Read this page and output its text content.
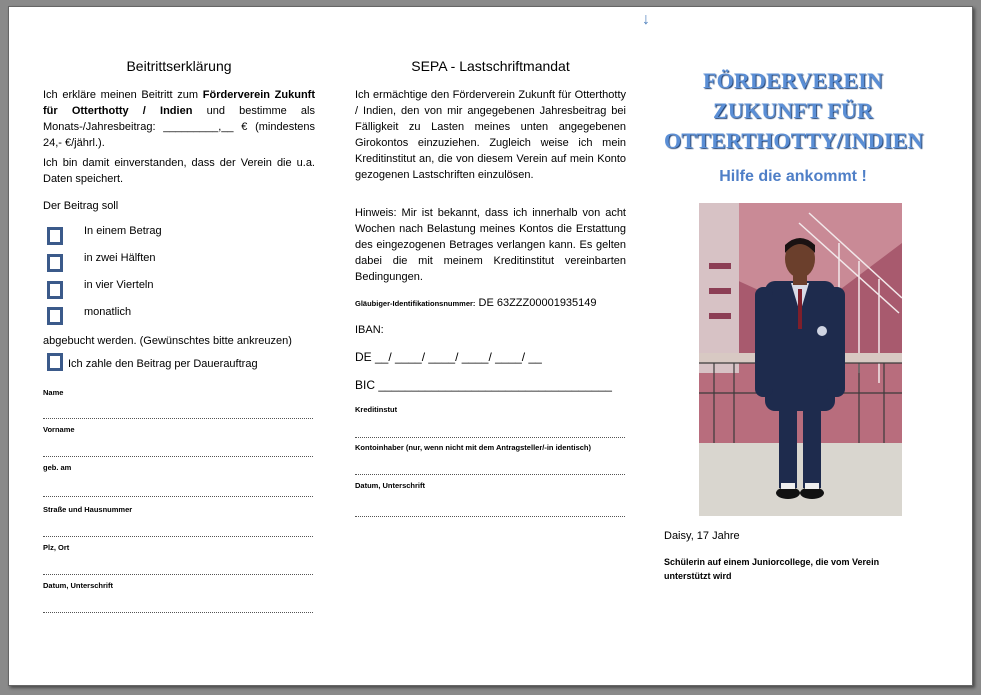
↓
Beitrittserklärung

Ich erkläre meinen Beitritt zum Förderverein Zukunft für Otterthotty / Indien und bestimme als Monats-/Jahresbeitrag: _________,__ € (mindestens 24,- €/jährl.).

Ich bin damit einverstanden, dass der Verein die u.a. Daten speichert.

Der Beitrag soll

In einem Betrag
in zwei Hälften
in vier Vierteln
monatlich

abgebucht werden. (Gewünschtes bitte ankreuzen)

Ich zahle den Beitrag per Dauerauftrag
Name
Vorname
geb. am
Straße und Hausnummer
Plz, Ort
Datum, Unterschrift
SEPA - Lastschriftmandat

Ich ermächtige den Förderverein Zukunft für Otterthotty / Indien, den von mir angegebenen Jahresbeitrag bei Fälligkeit zu Lasten meines unten angegebenen Girokontos einzuziehen. Zugleich weise ich mein Kreditinstitut an, die von diesem Verein auf mein Konto gezogenen Lastschriften einzulösen.

Hinweis: Mir ist bekannt, dass ich innerhalb von acht Wochen nach Belastung meines Kontos die Erstattung des eingezogenen Betrages verlangen kann. Es gelten dabei die mit meinem Kreditinstitut vereinbarten Bedingungen.

Gläubiger-Identifikationsnummer: DE 63ZZZ00001935149
IBAN:
DE __/ ____/ ____/ ____/ ____/ __
BIC ___________________________________
Kreditinstut
Kontoinhaber (nur, wenn nicht mit dem Antragsteller/-in identisch)
Datum, Unterschrift
FÖRDERVEREIN
ZUKUNFT FÜR
OTTERTHOTTY/INDIEN
Hilfe die ankommt !
Daisy, 17 Jahre
Schülerin auf einem Juniorcollege, die vom Verein unterstützt wird
